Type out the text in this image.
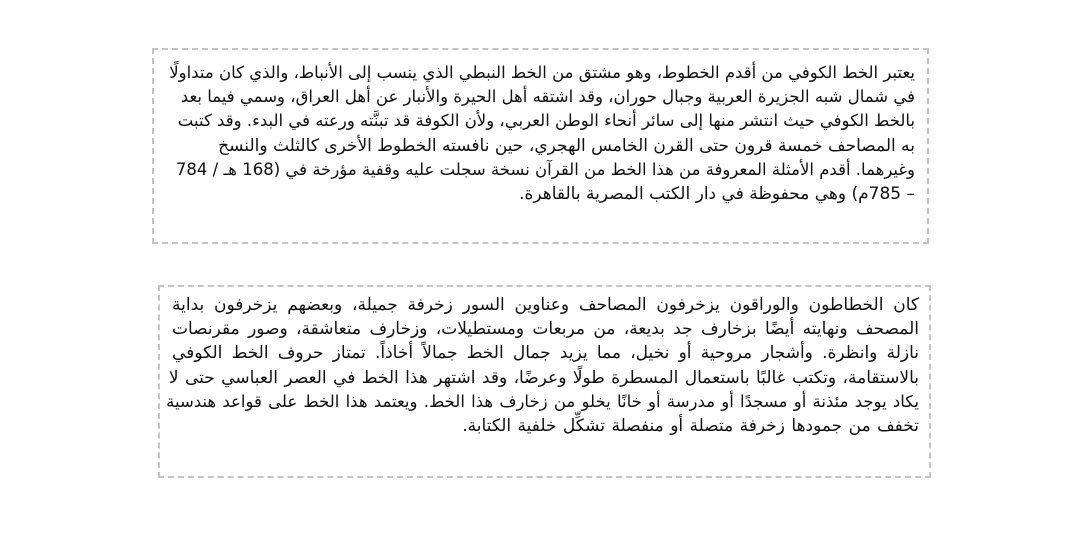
يعتبر الخط الكوفي من أقدم الخطوط، وهو مشتق من الخط النبطي الذي ينسب إلى الأنباط، والذي كان متداولًا
في شمال شبه الجزيرة العربية وجبال حوران، وقد اشتقه أهل الحيرة والأنبار عن أهل العراق، وسمي فيما بعد
بالخط الكوفي حيث انتشر منها إلى سائر أنحاء الوطن العربي، ولأن الكوفة قد تبنَّته ورعته في البدء. وقد كتبت
به المصاحف خمسة قرون حتى القرن الخامس الهجري، حين نافسته الخطوط الأخرى كالثلث والنسخ
وغيرهما. أقدم الأمثلة المعروفة من هذا الخط من القرآن نسخة سجلت عليه وقفية مؤرخة في (168 هـ / 784
– 785م) وهي محفوظة في دار الكتب المصرية بالقاهرة.
كان الخطاطون والوراقون يزخرفون المصاحف وعناوين السور زخرفة جميلة، وبعضهم يزخرفون بداية
المصحف ونهايته أيضًا بزخارف جد بديعة، من مربعات ومستطيلات، وزخارف متعاشقة، وصور مقرنصات
نازلة وانظرة. وأشجار مروحية أو نخيل، مما يزيد جمال الخط جمالاً أخاذاً. تمتاز حروف الخط الكوفي
بالاستقامة، وتكتب غالبًا باستعمال المسطرة طولًا وعرضًا، وقد اشتهر هذا الخط في العصر العباسي حتى لا
يكاد يوجد مئذنة أو مسجدًا أو مدرسة أو خانًا يخلو من زخارف هذا الخط. ويعتمد هذا الخط على قواعد هندسية
تخفف من جمودها زخرفة متصلة أو منفصلة تشكِّل خلفية الكتابة.
